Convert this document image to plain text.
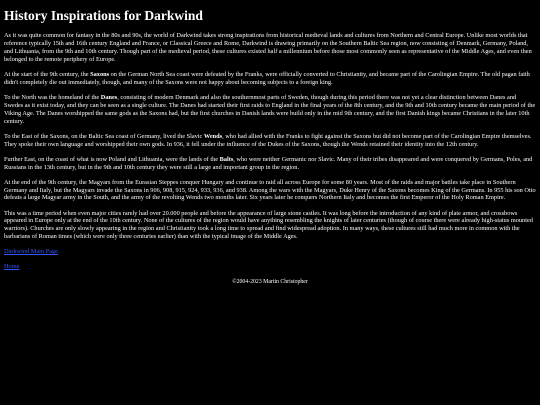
History Inspirations for Darkwind

As it was quite common for fantasy in the 80s and 90s, the world of Darkwind takes strong inspirations from historical medieval lands and cultures from Northern and Central Europe. Unlike most worlds that reference typically 15th and 16th century England and France, or Classical Greece and Rome, Darkwind is drawing primarily on the Southern Baltic Sea region, now consisting of Denmark, Germany, Poland, and Lithuania, from the 9th and 10th century. Though part of the medieval period, these cultures existed half a millennium before those most commonly seen as representative of the Middle Ages, and even then belonged to the remote periphery of Europe.

At the start of the 9th century, the Saxons on the German North Sea coast were defeated by the Franks, were officially converted to Christianity, and became part of the Carolingian Empire. The old pagan faith didn't completely die out immediately, though, and many of the Saxons were not happy about becoming subjects to a foreign king.

To the North was the homeland of the Danes, consisting of modern Denmark and also the southernmost parts of Sweden, though during this period there was not yet a clear distinction between Danes and Swedes as it exist today, and they can be seen as a single culture. The Danes had started their first raids to England in the final years of the 8th century, and the 9th and 10th century became the main period of the Viking Age. The Danes worshipped the same gods as the Saxons had, but the first churches in Danish lands were build only in the mid 9th century, and the first Danish kings became Christians in the later 10th century.

To the East of the Saxons, on the Baltic Sea coast of Germany, lived the Slavic Wends, who had allied with the Franks to fight against the Saxons but did not become part of the Carolingian Empire themselves. They spoke their own language and worshipped their own gods. In 936, it fell under the influence of the Dukes of the Saxons, though the Wends retained their identity into the 12th century.

Further East, on the coast of what is now Poland and Lithuania, were the lands of the Balts, who were neither Germanic nor Slavic. Many of their tribes disappeared and were conquered by Germans, Poles, and Russians in the 13th century, but in the 9th and 10th century they were still a large and important group in the region.

At the end of the 9th century, the Magyars from the Eurasian Steppes conquer Hungary and continue to raid all across Europe for some 80 years. Most of the raids and major battles take place in Southern Germany and Italy, but the Magyars invade the Saxons in 906, 908, 915, 924, 933, 936, and 938. Among the wars with the Magyars, Duke Henry of the Saxons becomes King of the Germans. In 955 his son Otto defeats a large Magyar army in the South, and the army of the revolting Wends two months later. Six years later he conquers Northern Italy and becomes the first Emperor of the Holy Roman Empire.

This was a time period when even major cities rarely had over 20.000 people and before the appearance of large stone castles. It was long before the introduction of any kind of plate armor, and crossbows appeared in Europe only at the end of the 10th century. None of the cultures of the region would have anything resembling the knights of later centuries (though of course there were already high-status mounted warriors). Churches are only slowly appearing in the region and Christianity took a long time to spread and find widespread adoption. In many ways, these cultures still had much more in common with the barbarians of Roman times (which were only three centuries earlier) than with the typical image of the Middle Ages.

Darkwind Main Page

Home

©2004-2023 Martin Christopher
